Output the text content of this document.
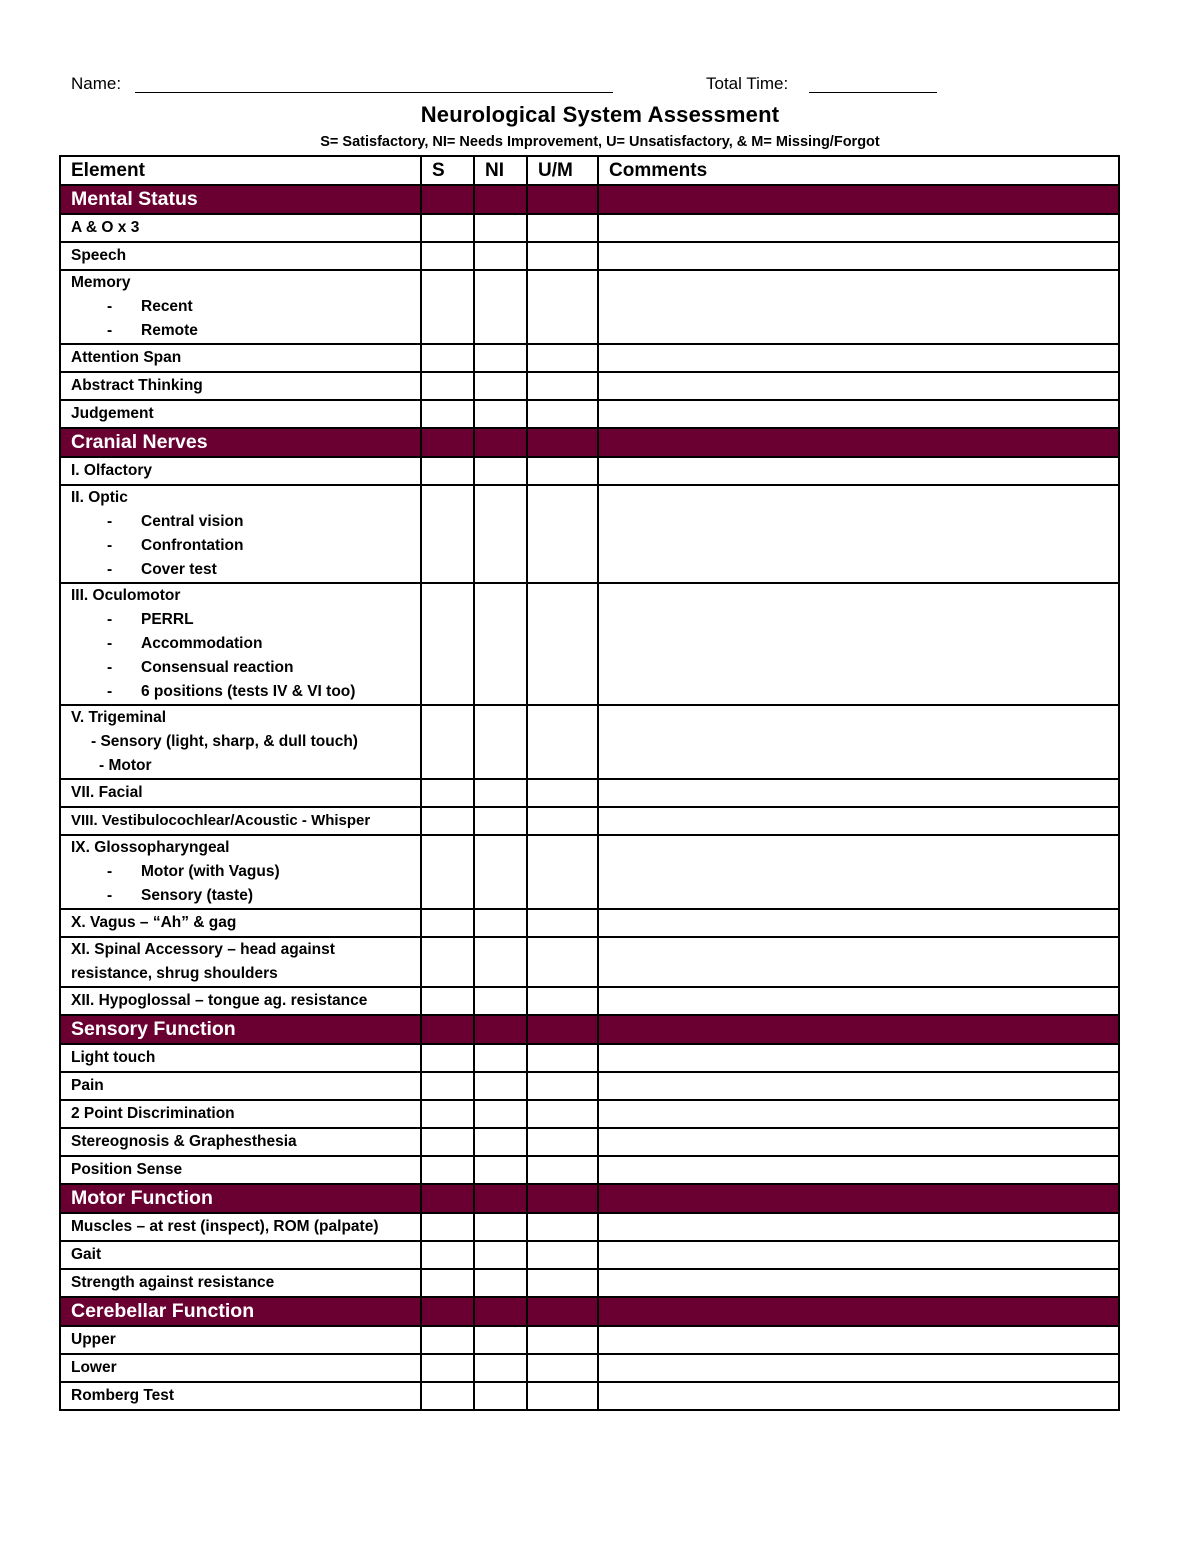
Name:	Total Time:
Neurological System Assessment
S= Satisfactory, NI= Needs Improvement, U= Unsatisfactory, & M= Missing/Forgot
Element	S	NI	U/M	Comments
Mental Status				
A & O x 3				
Speech				

Memory
- Recent
- Remote				

Attention Span				
Abstract Thinking				
Judgement				
Cranial Nerves				
I. Olfactory				

II. Optic
- Central vision
- Confrontation
- Cover test				

III. Oculomotor
- PERRL
- Accommodation
- Consensual reaction
- 6 positions (tests IV & VI too)				

V. Trigeminal
- Sensory (light, sharp, & dull touch)
- Motor				

VII. Facial				
VIII. Vestibulocochlear/Acoustic - Whisper				

IX. Glossopharyngeal
- Motor (with Vagus)
- Sensory (taste)				

X. Vagus – “Ah” & gag				
XI. Spinal Accessory – head against resistance, shrug shoulders				
XII. Hypoglossal – tongue ag. resistance				
Sensory Function				
Light touch				
Pain				
2 Point Discrimination				
Stereognosis & Graphesthesia				
Position Sense				
Motor Function				
Muscles – at rest (inspect), ROM (palpate)				
Gait				
Strength against resistance				
Cerebellar Function				
Upper				
Lower				
Romberg Test				
